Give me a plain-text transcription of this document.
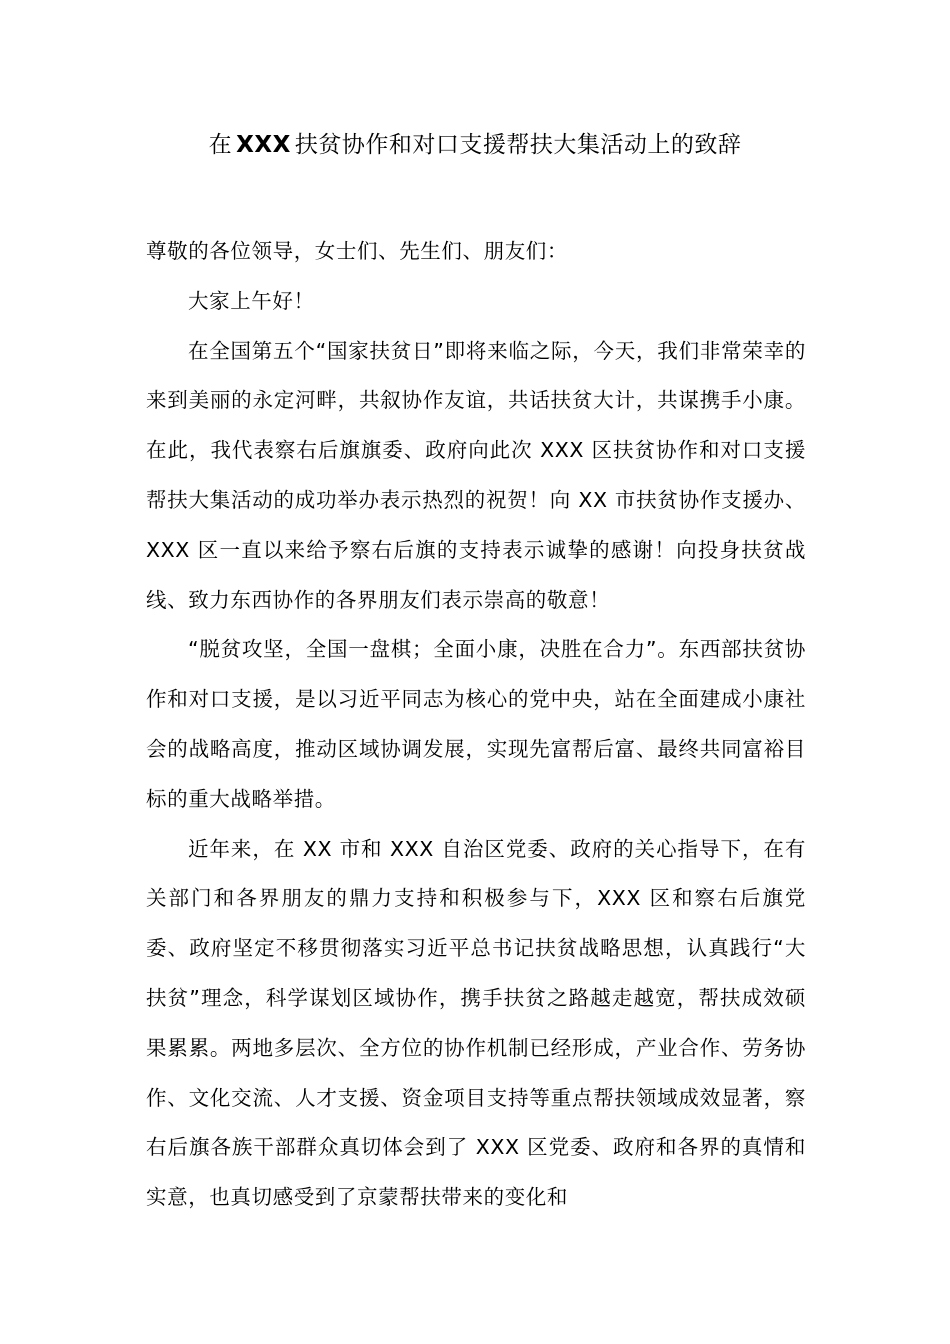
在 XXX 扶贫协作和对口支援帮扶大集活动上的致辞

尊敬的各位领导，女士们、先生们、朋友们：

大家上午好！

在全国第五个“国家扶贫日”即将来临之际，今天，我们非常荣幸的来到美丽的永定河畔，共叙协作友谊，共话扶贫大计，共谋携手小康。在此，我代表察右后旗旗委、政府向此次 XXX 区扶贫协作和对口支援帮扶大集活动的成功举办表示热烈的祝贺！向 XX 市扶贫协作支援办、XXX 区一直以来给予察右后旗的支持表示诚挚的感谢！向投身扶贫战线、致力东西协作的各界朋友们表示崇高的敬意！

“脱贫攻坚，全国一盘棋；全面小康，决胜在合力”。东西部扶贫协作和对口支援，是以习近平同志为核心的党中央，站在全面建成小康社会的战略高度，推动区域协调发展，实现先富帮后富、最终共同富裕目标的重大战略举措。

近年来，在 XX 市和 XXX 自治区党委、政府的关心指导下，在有关部门和各界朋友的鼎力支持和积极参与下，XXX 区和察右后旗党委、政府坚定不移贯彻落实习近平总书记扶贫战略思想，认真践行“大扶贫”理念，科学谋划区域协作，携手扶贫之路越走越宽，帮扶成效硕果累累。两地多层次、全方位的协作机制已经形成，产业合作、劳务协作、文化交流、人才支援、资金项目支持等重点帮扶领域成效显著，察右后旗各族干部群众真切体会到了 XXX 区党委、政府和各界的真情和实意，也真切感受到了京蒙帮扶带来的变化和
